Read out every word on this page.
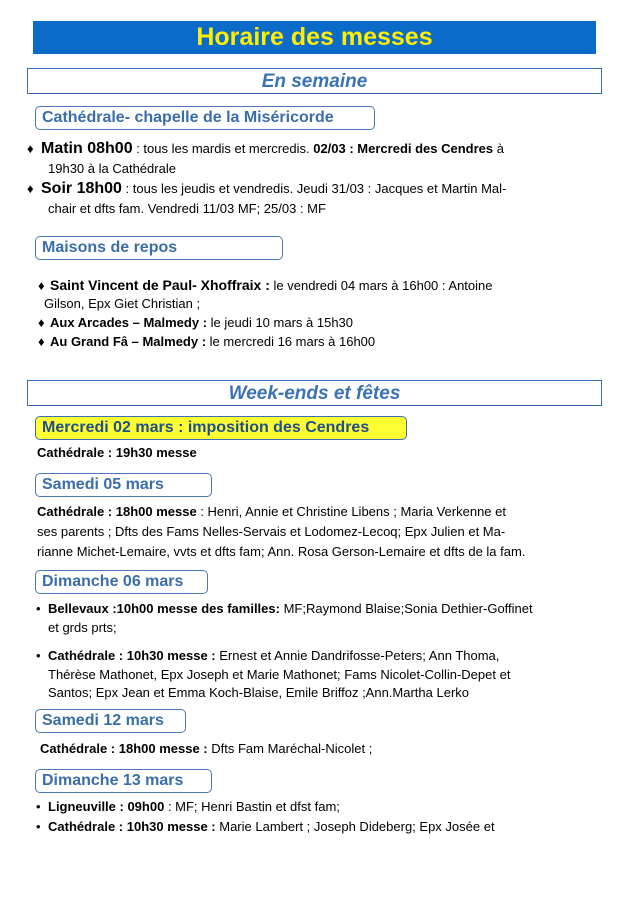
Horaire des messes
En semaine
Cathédrale- chapelle de la Miséricorde
♦ Matin 08h00 : tous les mardis et mercredis. 02/03 : Mercredi des Cendres à
19h30 à la Cathédrale
♦ Soir 18h00 : tous les jeudis et vendredis. Jeudi 31/03 : Jacques et Martin Mal-
chair et dfts fam. Vendredi 11/03 MF; 25/03 : MF
Maisons de repos
♦ Saint Vincent de Paul- Xhoffraix : le vendredi 04 mars à 16h00 : Antoine
Gilson, Epx Giet Christian ;
♦ Aux Arcades – Malmedy : le jeudi 10 mars à 15h30
♦ Au Grand Fâ – Malmedy : le mercredi 16 mars à 16h00
Week-ends et fêtes
Mercredi 02 mars : imposition des Cendres
Cathédrale : 19h30 messe
Samedi 05 mars
Cathédrale : 18h00 messe : Henri, Annie et Christine Libens ; Maria Verkenne et
ses parents ; Dfts des Fams Nelles-Servais et Lodomez-Lecoq; Epx Julien et Ma-
rianne Michet-Lemaire, vvts et dfts fam; Ann. Rosa Gerson-Lemaire et dfts de la fam.
Dimanche 06 mars
• Bellevaux :10h00 messe des familles: MF;Raymond Blaise;Sonia Dethier-Goffinet
et grds prts;
• Cathédrale : 10h30 messe : Ernest et Annie Dandrifosse-Peters; Ann Thoma,
Thérèse Mathonet, Epx Joseph et Marie Mathonet; Fams Nicolet-Collin-Depet et
Santos; Epx Jean et Emma Koch-Blaise, Emile Briffoz ;Ann.Martha Lerko
Samedi 12 mars
Cathédrale : 18h00 messe : Dfts Fam Maréchal-Nicolet ;
Dimanche 13 mars
• Ligneuville : 09h00 : MF; Henri Bastin et dfst fam;
• Cathédrale : 10h30 messe : Marie Lambert ; Joseph Dideberg; Epx Josée et
